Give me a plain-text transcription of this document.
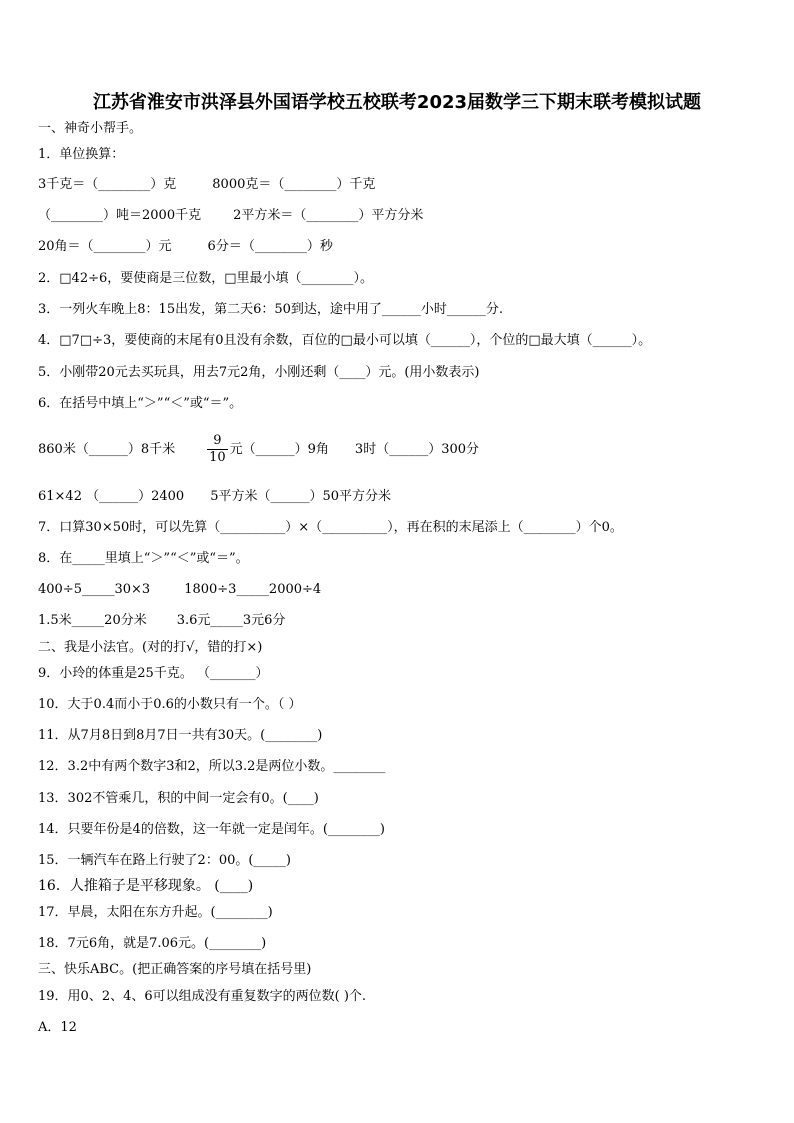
江苏省淮安市洪泽县外国语学校五校联考2023届数学三下期末联考模拟试题
一、神奇小帮手。
1．单位换算：
3千克＝（________）克	8000克＝（________）千克
（________）吨＝2000千克 2平方米＝（________）平方分米
20角＝（________）元	6分＝（________）秒
2．□42÷6，要使商是三位数，□里最小填（________）。
3．一列火车晚上8：15出发，第二天6：50到达，途中用了______小时______分.
4．□7□÷3，要使商的末尾有0且没有余数，百位的□最小可以填（______），个位的□最大填（______）。
5．小刚带20元去买玩具，用去7元2角，小刚还剩（____）元。(用小数表示)
6．在括号中填上“＞”“＜”或“＝”。
860米（______）8千米 $\frac{9}{10}$ 元（______）9角 3时（______）300分
61×42 （______）2400 5平方米（______）50平方分米
7．口算30×50时，可以先算（__________）×（__________），再在积的末尾添上（________）个0。
8．在_____里填上“＞”“＜”或“＝”。
400÷5_____30×3	1800÷3_____2000÷4
1.5米_____20分米 3.6元_____3元6分
二、我是小法官。(对的打√，错的打×)
9．小玲的体重是25千克。 （_______）
10．大于0.4而小于0.6的小数只有一个。（ ）
11．从7月8日到8月7日一共有30天。(________)
12．3.2中有两个数字3和2，所以3.2是两位小数。________
13．302不管乘几，积的中间一定会有0。(____)
14．只要年份是4的倍数，这一年就一定是闰年。(________)
15．一辆汽车在路上行驶了2：00。(_____)
16．人推箱子是平移现象。 (____)
17．早晨，太阳在东方升起。(________)
18．7元6角，就是7.06元。(________)
三、快乐ABC。(把正确答案的序号填在括号里)
19．用0、2、4、6可以组成没有重复数字的两位数( )个.
A．12
